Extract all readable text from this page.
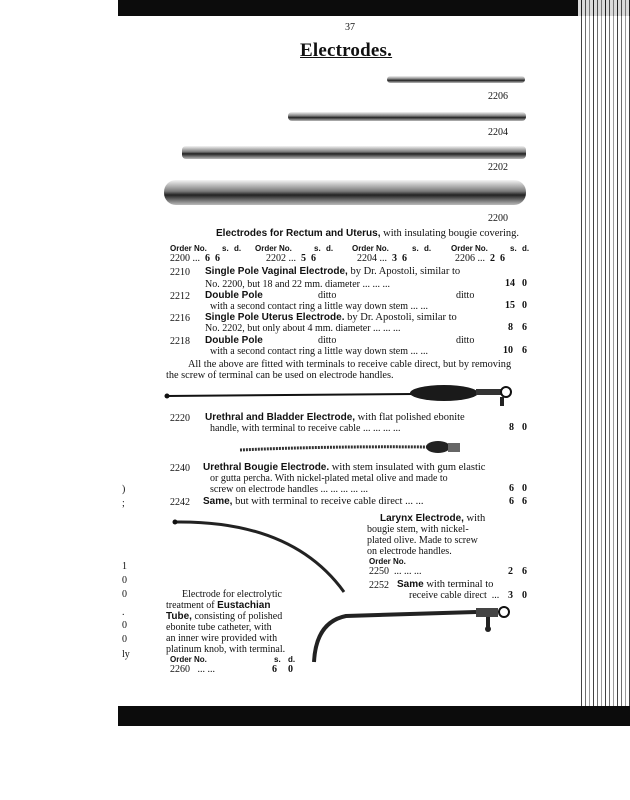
37
Electrodes.
2206
2204
2202
2200
Electrodes for Rectum and Uterus, with insulating bougie covering.
Order No. s. d. Order No.	s. d. Order No.	s. d. Order No.	s. d.
2200 ... 6 6	2202 ... 5 6	2204 ... 3 6	2206 ... 2 6
2210 Single Pole Vaginal Electrode, by Dr. Apostoli, similar to
No. 2200, but 18 and 22 mm. diameter ... ... ...	14 0
2212 Double Pole	ditto	ditto
with a second contact ring a little way down stem ... ...	15 0
2216 Single Pole Uterus Electrode. by Dr. Apostoli, similar to
No. 2202, but only about 4 mm. diameter ... ... ...	8 6
2218 Double Pole	ditto	ditto
with a second contact ring a little way down stem ... ...	10 6
All the above are fitted with terminals to receive cable direct, but by removing
the screw of terminal can be used on electrode handles.
2220 Urethral and Bladder Electrode, with flat polished ebonite
handle, with terminal to receive cable ... ... ... ...	8 0
2240 Urethral Bougie Electrode. with stem insulated with gum elastic
or gutta percha. With nickel-plated metal olive and made to
screw on electrode handles ... ... ... ... ...	6 0
2242 Same, but with terminal to receive cable direct ... ...	6 6
Larynx Electrode, with
bougie stem, with nickel-
plated olive. Made to screw
on electrode handles.
Order No.
2250 ... ... ...	2 6
2252 Same with terminal to
receive cable direct ... 3 0
Electrode for electrolytic
treatment of Eustachian
Tube, consisting of polished
ebonite tube catheter, with
an inner wire provided with
platinum knob, with terminal.
Order No.	s. d.
2260 ... ...	6 0
)
;
1
0
0
.
0
0
ly
